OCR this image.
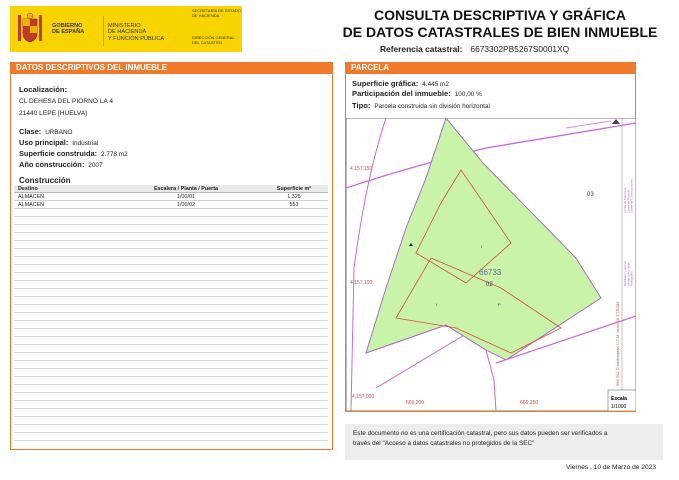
GOBIERNO
DE ESPAÑA
MINISTERIO
DE HACIENDA
Y FUNCIÓN PÚBLICA
SECRETARÍA DE ESTADO
DE HACIENDA
DIRECCIÓN GENERAL
DEL CATASTRO
CONSULTA DESCRIPTIVA Y GRÁFICA
DE DATOS CATASTRALES DE BIEN INMUEBLE
Referencia catastral: 6673302PB5267S0001XQ
DATOS DESCRIPTIVOS DEL INMUEBLE
Localización:
CL DEHESA DEL PIORNO LA 4
21440 LEPE [HUELVA]
Clase: URBANO
Uso principal: Industrial
Superficie construida: 2.778 m2
Año construcción: 2007
Construcción
Destino	Escalera / Planta / Puerta	Superficie m²
ALMACEN	1/00/01	1.325
ALMACEN	1/00/02	553
PARCELA
Superficie gráfica: 4.445 m2
Participación del inmueble: 100,00 %
Tipo: Parcela construida sin división horizontal
Límite de Manzana Límite de Parcela Límite de Construcciones
Mobiliario y aceras Límite zona verde Hidrografía
Escala
1/1000
66733
02
03
I
I	P
4,157,150
4,157,100
4,157,050
666,200	666,250
666,300 Coordenadas U.T.M. Huso 29 ETRS89
Este documento no es una certificación catastral, pero sus datos pueden ser verificados a
través del "Acceso a datos catastrales no protegidos de la SEC"
Viernes , 10 de Marzo de 2023
